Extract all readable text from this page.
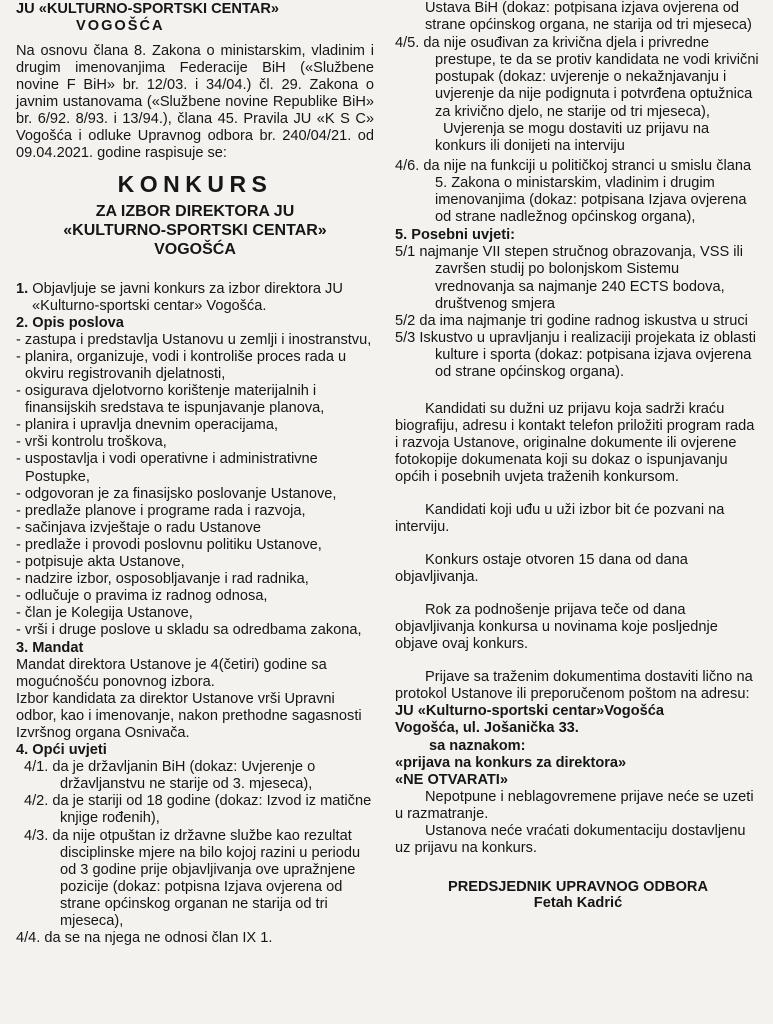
JU «KULTURNO-SPORTSKI CENTAR»

VOGOŠĆA

Na osnovu člana 8. Zakona o ministarskim, vladinim i drugim imenovanjima Federacije BiH («Službene novine F BiH» br. 12/03. i 34/04.) čl. 29. Zakona o javnim ustanovama («Službene novine Republike BiH» br. 6/92. 8/93. i 13/94.), člana 45. Pravila JU «K S C» Vogošća i odluke Upravnog odbora br. 240/04/21. od 09.04.2021. godine raspisuje se:

KONKURS

ZA IZBOR DIREKTORA JU

«KULTURNO-SPORTSKI CENTAR»

VOGOŠĆA

1. Objavljuje se javni konkurs za izbor direktora JU «Kulturno-sportski centar» Vogošća.

2. Opis poslova

- zastupa i predstavlja Ustanovu u zemlji i inostranstvu,

- planira, organizuje, vodi i kontroliše proces rada u okviru registrovanih djelatnosti,

- osigurava djelotvorno korištenje materijalnih i finansijskih sredstava te ispunjavanje planova,

- planira i upravlja dnevnim operacijama,

- vrši kontrolu troškova,

- uspostavlja i vodi operativne i administrativne Postupke,

- odgovoran je za finasijsko poslovanje Ustanove,

- predlaže planove i programe rada i razvoja,

- sačinjava izvještaje o radu Ustanove

- predlaže i provodi poslovnu politiku Ustanove,

- potpisuje akta Ustanove,

- nadzire izbor, osposobljavanje i rad radnika,

- odlučuje o pravima iz radnog odnosa,

- član je Kolegija Ustanove,

- vrši i druge poslove u skladu sa odredbama zakona,

3. Mandat

Mandat direktora Ustanove je 4(četiri) godine sa mogućnošću ponovnog izbora.

Izbor kandidata za direktor Ustanove vrši Upravni odbor, kao i imenovanje, nakon prethodne sagasnosti Izvršnog organa Osnivača.

4. Opći uvjeti

4/1. da je državljanin BiH (dokaz: Uvjerenje o državljanstvu ne starije od 3. mjeseca),

4/2. da je stariji od 18 godine (dokaz: Izvod iz matične knjige rođenih),

4/3. da nije otpuštan iz državne službe kao rezultat disciplinske mjere na bilo kojoj razini u periodu od 3 godine prije objavljivanja ove upražnjene pozicije (dokaz: potpisna Izjava ovjerena od strane općinskog organan ne starija od tri mjeseca),

4/4. da se na njega ne odnosi član IX 1.

Ustava BiH (dokaz: potpisana izjava ovjerena od strane općinskog organa, ne starija od tri mjeseca)

4/5. da nije osuđivan za krivična djela i privredne prestupe, te da se protiv kandidata ne vodi krivični postupak (dokaz: uvjerenje o nekažnjavanju i uvjerenje da nije podignuta i potvrđena optužnica za krivično djelo, ne starije od tri mjeseca),

Uvjerenja se mogu dostaviti uz prijavu na konkurs ili donijeti na interviju

4/6. da nije na funkciji u političkoj stranci u smislu člana 5. Zakona o ministarskim, vladinim i drugim imenovanjima (dokaz: potpisana Izjava ovjerena od strane nadležnog općinskog organa),

5. Posebni uvjeti:

5/1 najmanje VII stepen stručnog obrazovanja, VSS ili završen studij po bolonjskom Sistemu vrednovanja sa najmanje 240 ECTS bodova, društvenog smjera

5/2 da ima najmanje tri godine radnog iskustva u struci

5/3 Iskustvo u upravljanju i realizaciji projekata iz oblasti kulture i sporta (dokaz: potpisana izjava ovjerena od strane općinskog organa).

Kandidati su dužni uz prijavu koja sadrži kraću biografiju, adresu i kontakt telefon priložiti program rada i razvoja Ustanove, originalne dokumente ili ovjerene fotokopije dokumenata koji su dokaz o ispunjavanju općih i posebnih uvjeta traženih konkursom.

Kandidati koji uđu u uži izbor bit će pozvani na interviju.

Konkurs ostaje otvoren 15 dana od dana objavljivanja.

Rok za podnošenje prijava teče od dana objavljivanja konkursa u novinama koje posljednje objave ovaj konkurs.

Prijave sa traženim dokumentima dostaviti lično na protokol Ustanove ili preporučenom poštom na adresu:

JU «Kulturno-sportski centar»Vogošća

Vogošća, ul. Jošanička 33.

sa naznakom:

«prijava na konkurs za direktora»

«NE OTVARATI»

Nepotpune i neblagovremene prijave neće se uzeti u razmatranje.

Ustanova neće vraćati dokumentaciju dostavljenu uz prijavu na konkurs.

PREDSJEDNIK UPRAVNOG ODBORA

Fetah Kadrić
